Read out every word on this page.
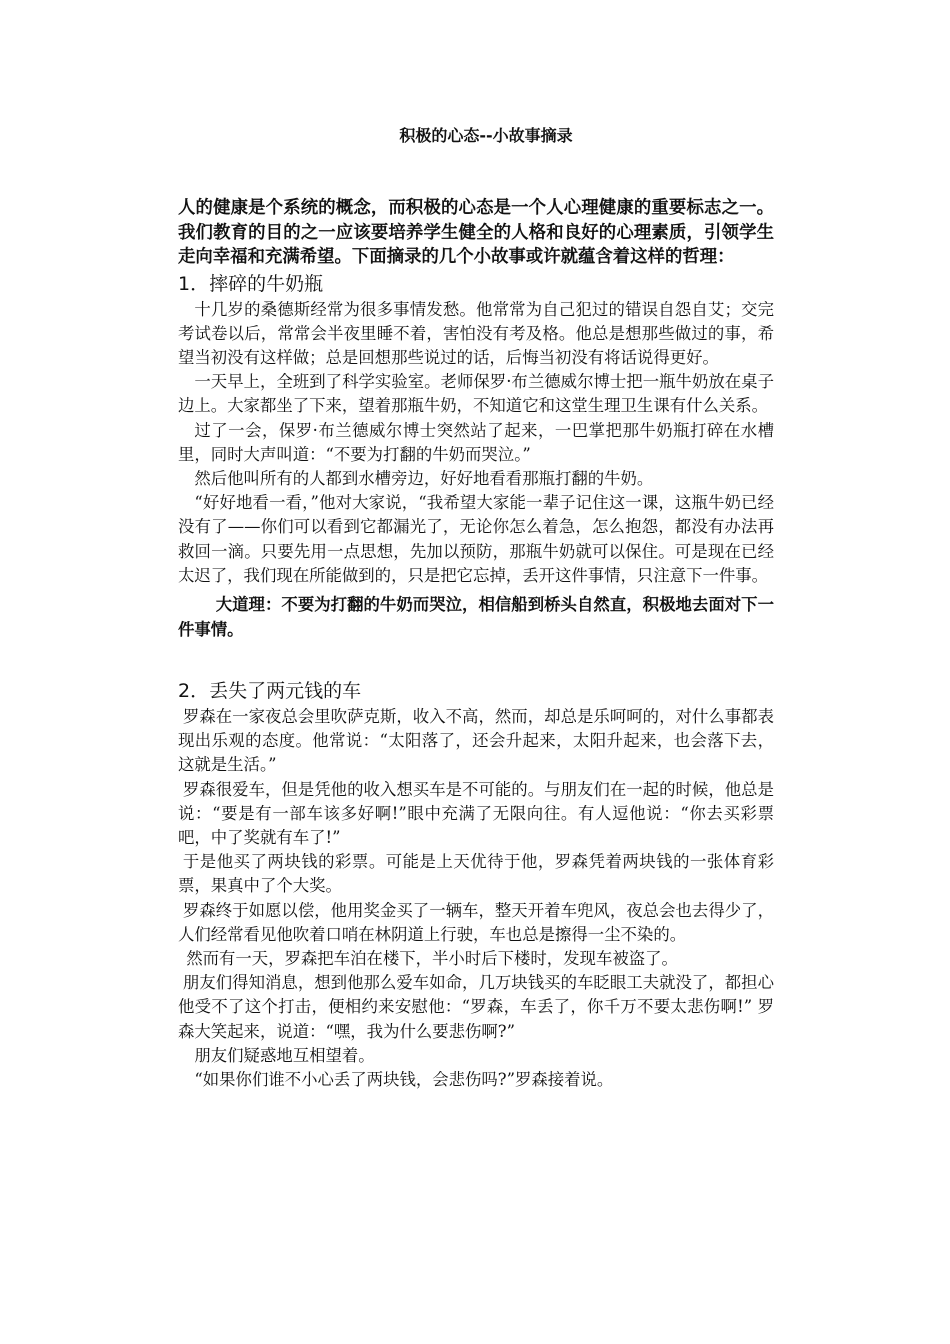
积极的心态--小故事摘录

人的健康是个系统的概念，而积极的心态是一个人心理健康的重要标志之一。我们教育的目的之一应该要培养学生健全的人格和良好的心理素质，引领学生走向幸福和充满希望。下面摘录的几个小故事或许就蕴含着这样的哲理：

1．摔碎的牛奶瓶

十几岁的桑德斯经常为很多事情发愁。他常常为自己犯过的错误自怨自艾；交完考试卷以后，常常会半夜里睡不着，害怕没有考及格。他总是想那些做过的事，希望当初没有这样做；总是回想那些说过的话，后悔当初没有将话说得更好。

一天早上，全班到了科学实验室。老师保罗·布兰德威尔博士把一瓶牛奶放在桌子边上。大家都坐了下来，望着那瓶牛奶，不知道它和这堂生理卫生课有什么关系。

过了一会，保罗·布兰德威尔博士突然站了起来，一巴掌把那牛奶瓶打碎在水槽里，同时大声叫道：“不要为打翻的牛奶而哭泣。”

然后他叫所有的人都到水槽旁边，好好地看看那瓶打翻的牛奶。

“好好地看一看，”他对大家说，“我希望大家能一辈子记住这一课，这瓶牛奶已经没有了——你们可以看到它都漏光了，无论你怎么着急，怎么抱怨，都没有办法再救回一滴。只要先用一点思想，先加以预防，那瓶牛奶就可以保住。可是现在已经太迟了，我们现在所能做到的，只是把它忘掉，丢开这件事情，只注意下一件事。

大道理：不要为打翻的牛奶而哭泣，相信船到桥头自然直，积极地去面对下一件事情。

2．丢失了两元钱的车

罗森在一家夜总会里吹萨克斯，收入不高，然而，却总是乐呵呵的，对什么事都表现出乐观的态度。他常说：“太阳落了，还会升起来，太阳升起来，也会落下去，这就是生活。”

罗森很爱车，但是凭他的收入想买车是不可能的。与朋友们在一起的时候，他总是说：“要是有一部车该多好啊!”眼中充满了无限向往。有人逗他说：“你去买彩票吧，中了奖就有车了!”

于是他买了两块钱的彩票。可能是上天优待于他，罗森凭着两块钱的一张体育彩票，果真中了个大奖。

罗森终于如愿以偿，他用奖金买了一辆车，整天开着车兜风，夜总会也去得少了，人们经常看见他吹着口哨在林阴道上行驶，车也总是擦得一尘不染的。

然而有一天，罗森把车泊在楼下，半小时后下楼时，发现车被盗了。

朋友们得知消息，想到他那么爱车如命，几万块钱买的车眨眼工夫就没了，都担心他受不了这个打击，便相约来安慰他：“罗森，车丢了，你千万不要太悲伤啊!” 罗森大笑起来，说道：“嘿，我为什么要悲伤啊?”

朋友们疑惑地互相望着。

“如果你们谁不小心丢了两块钱，会悲伤吗?”罗森接着说。
